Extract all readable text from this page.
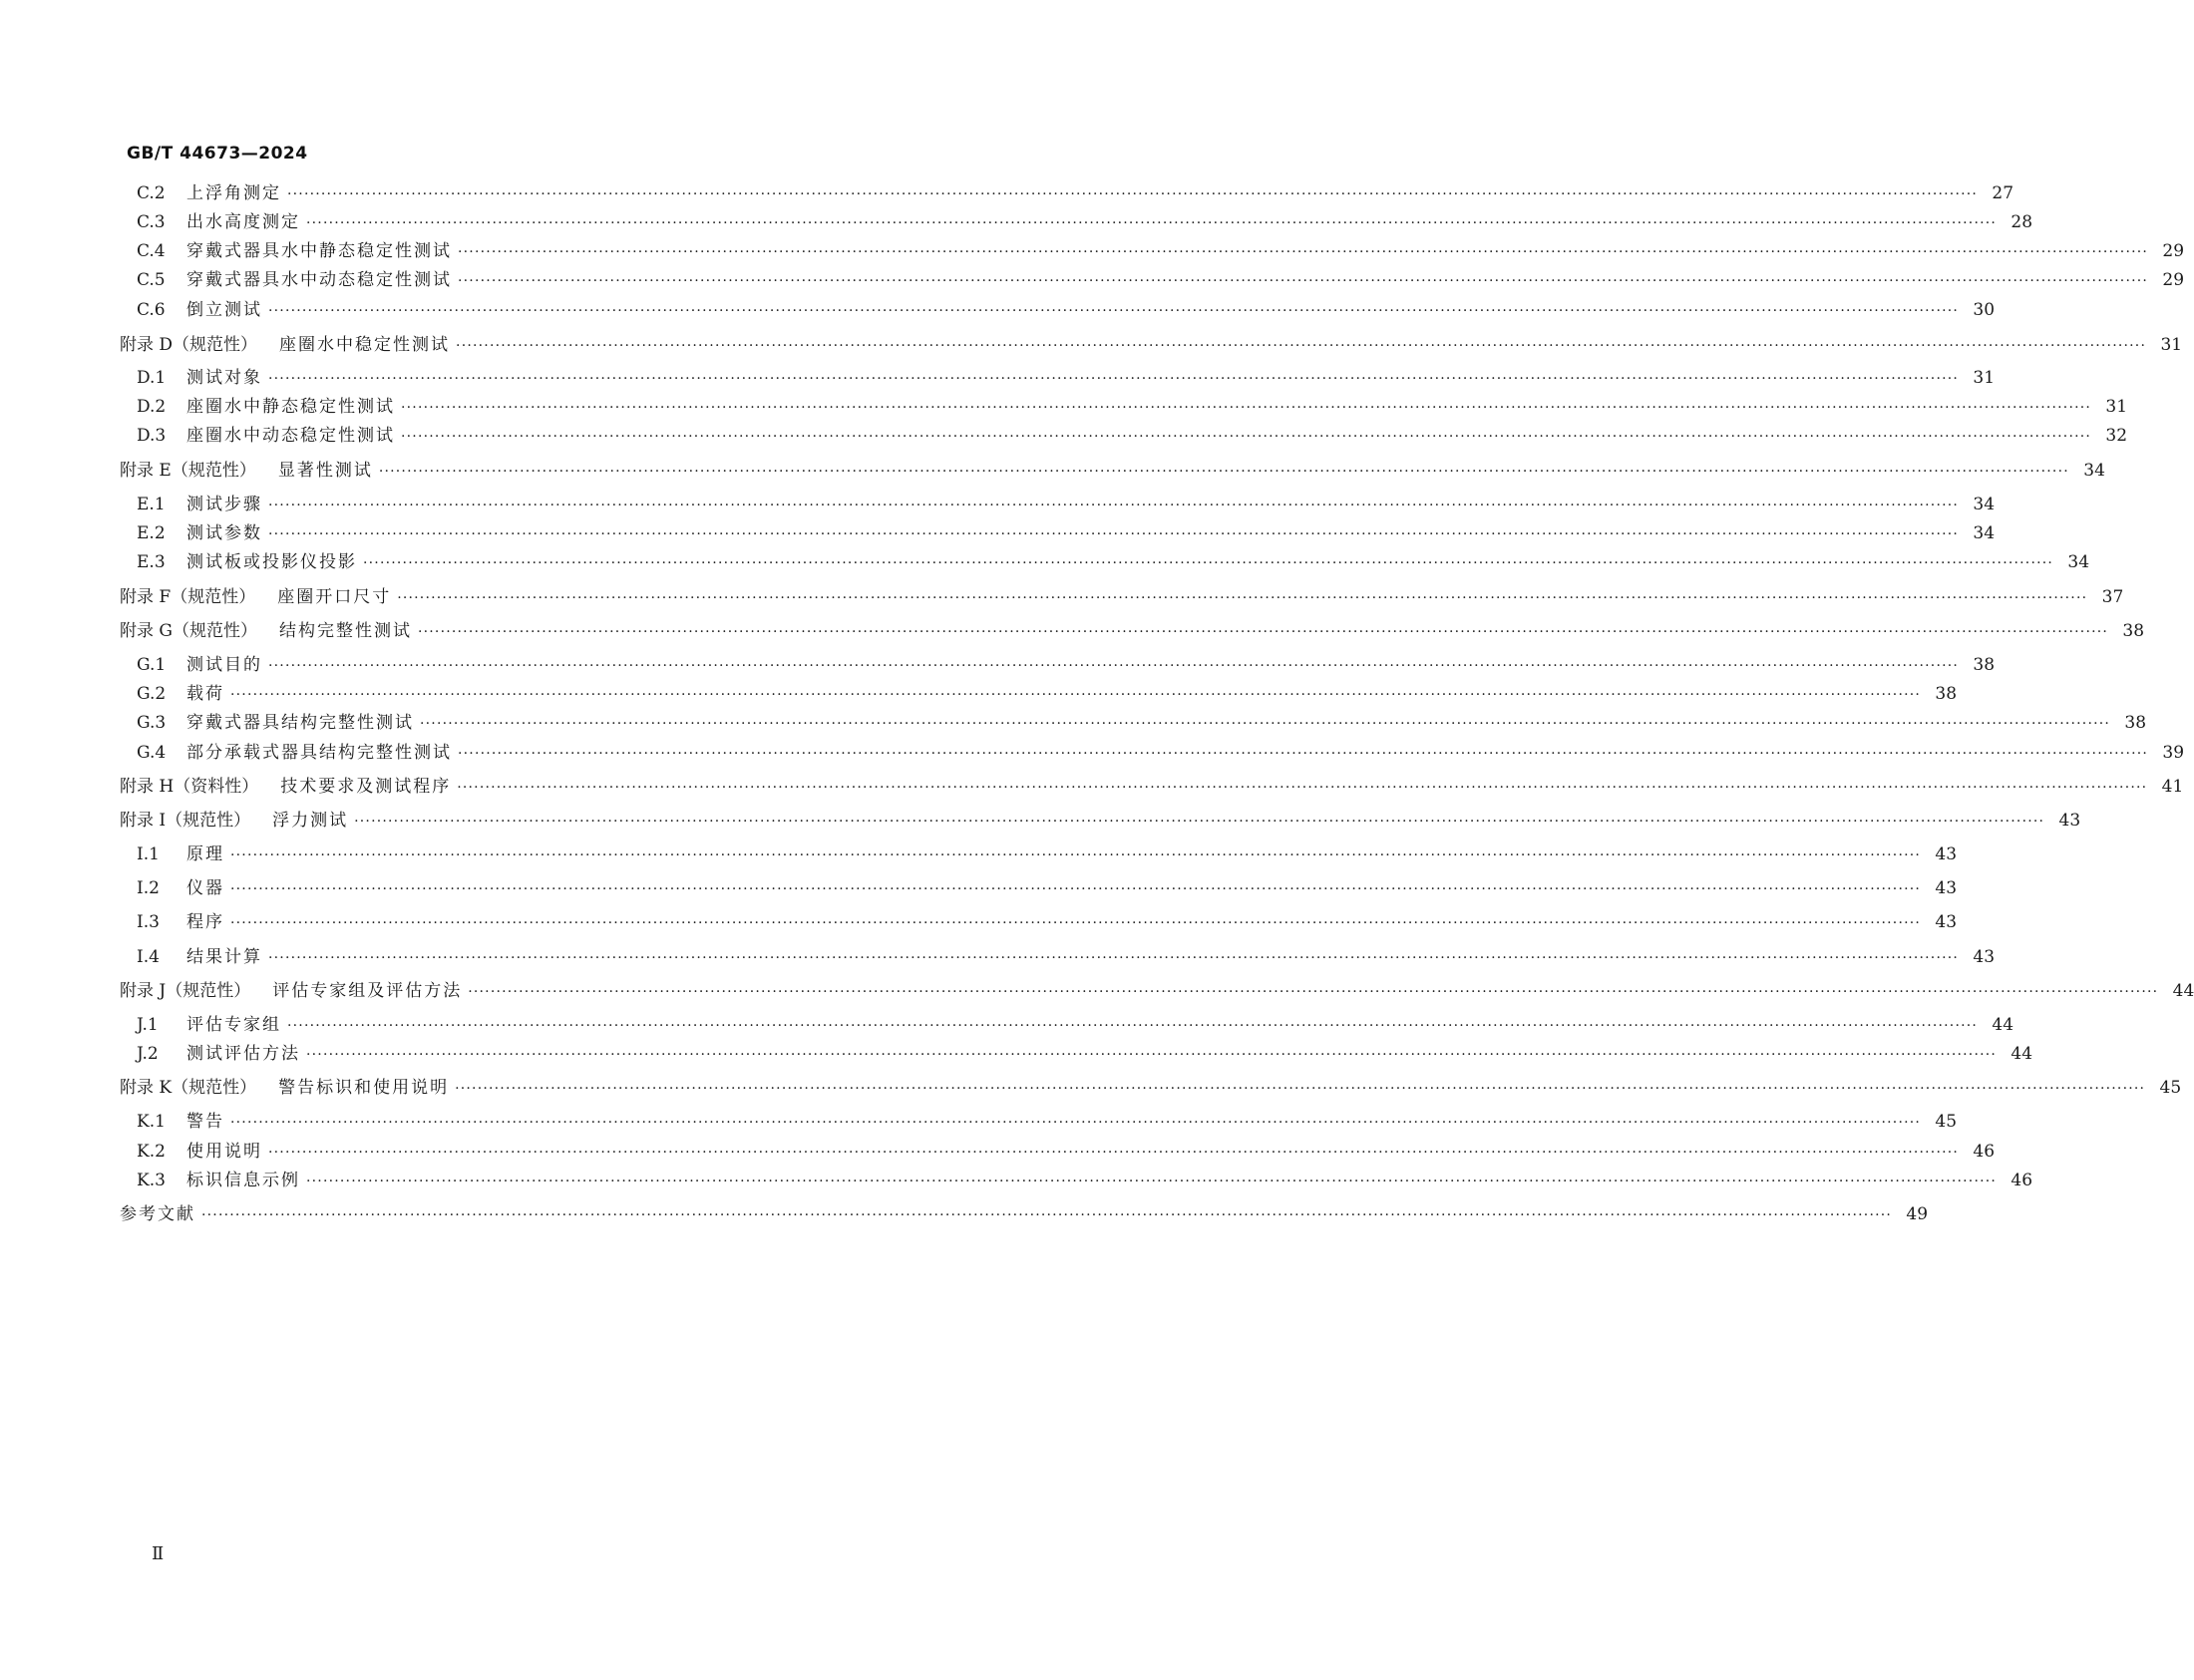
GB/T 44673—2024
C.2 上浮角测定 ············································································································································································································································································································ 27
C.3 出水高度测定 ············································································································································································································································································································ 28
C.4 穿戴式器具水中静态稳定性测试 ············································································································································································································································································································ 29
C.5 穿戴式器具水中动态稳定性测试 ············································································································································································································································································································ 29
C.6 倒立测试 ············································································································································································································································································································ 30
附录 D（规范性） 座圈水中稳定性测试 ············································································································································································································································································································ 31
D.1 测试对象 ············································································································································································································································································································ 31
D.2 座圈水中静态稳定性测试 ············································································································································································································································································································ 31
D.3 座圈水中动态稳定性测试 ············································································································································································································································································································ 32
附录 E（规范性） 显著性测试 ············································································································································································································································································································ 34
E.1 测试步骤 ············································································································································································································································································································ 34
E.2 测试参数 ············································································································································································································································································································ 34
E.3 测试板或投影仪投影 ············································································································································································································································································································ 34
附录 F（规范性） 座圈开口尺寸 ············································································································································································································································································································ 37
附录 G（规范性） 结构完整性测试 ············································································································································································································································································································ 38
G.1 测试目的 ············································································································································································································································································································ 38
G.2 载荷 ············································································································································································································································································································ 38
G.3 穿戴式器具结构完整性测试 ············································································································································································································································································································ 38
G.4 部分承载式器具结构完整性测试 ············································································································································································································································································································ 39
附录 H（资料性） 技术要求及测试程序 ············································································································································································································································································································ 41
附录 I（规范性） 浮力测试 ············································································································································································································································································································ 43
I.1	原理 ············································································································································································································································································································ 43
I.2	仪器 ············································································································································································································································································································ 43
I.3	程序 ············································································································································································································································································································ 43
I.4	结果计算 ············································································································································································································································································································ 43
附录 J（规范性） 评估专家组及评估方法 ············································································································································································································································································································ 44
J.1	评估专家组 ············································································································································································································································································································ 44
J.2	测试评估方法 ············································································································································································································································································································ 44
附录 K（规范性） 警告标识和使用说明 ············································································································································································································································································································ 45
K.1 警告 ············································································································································································································································································································ 45
K.2 使用说明 ············································································································································································································································································································ 46
K.3 标识信息示例 ············································································································································································································································································································ 46
参考文献 ············································································································································································································································································································ 49
Ⅱ
